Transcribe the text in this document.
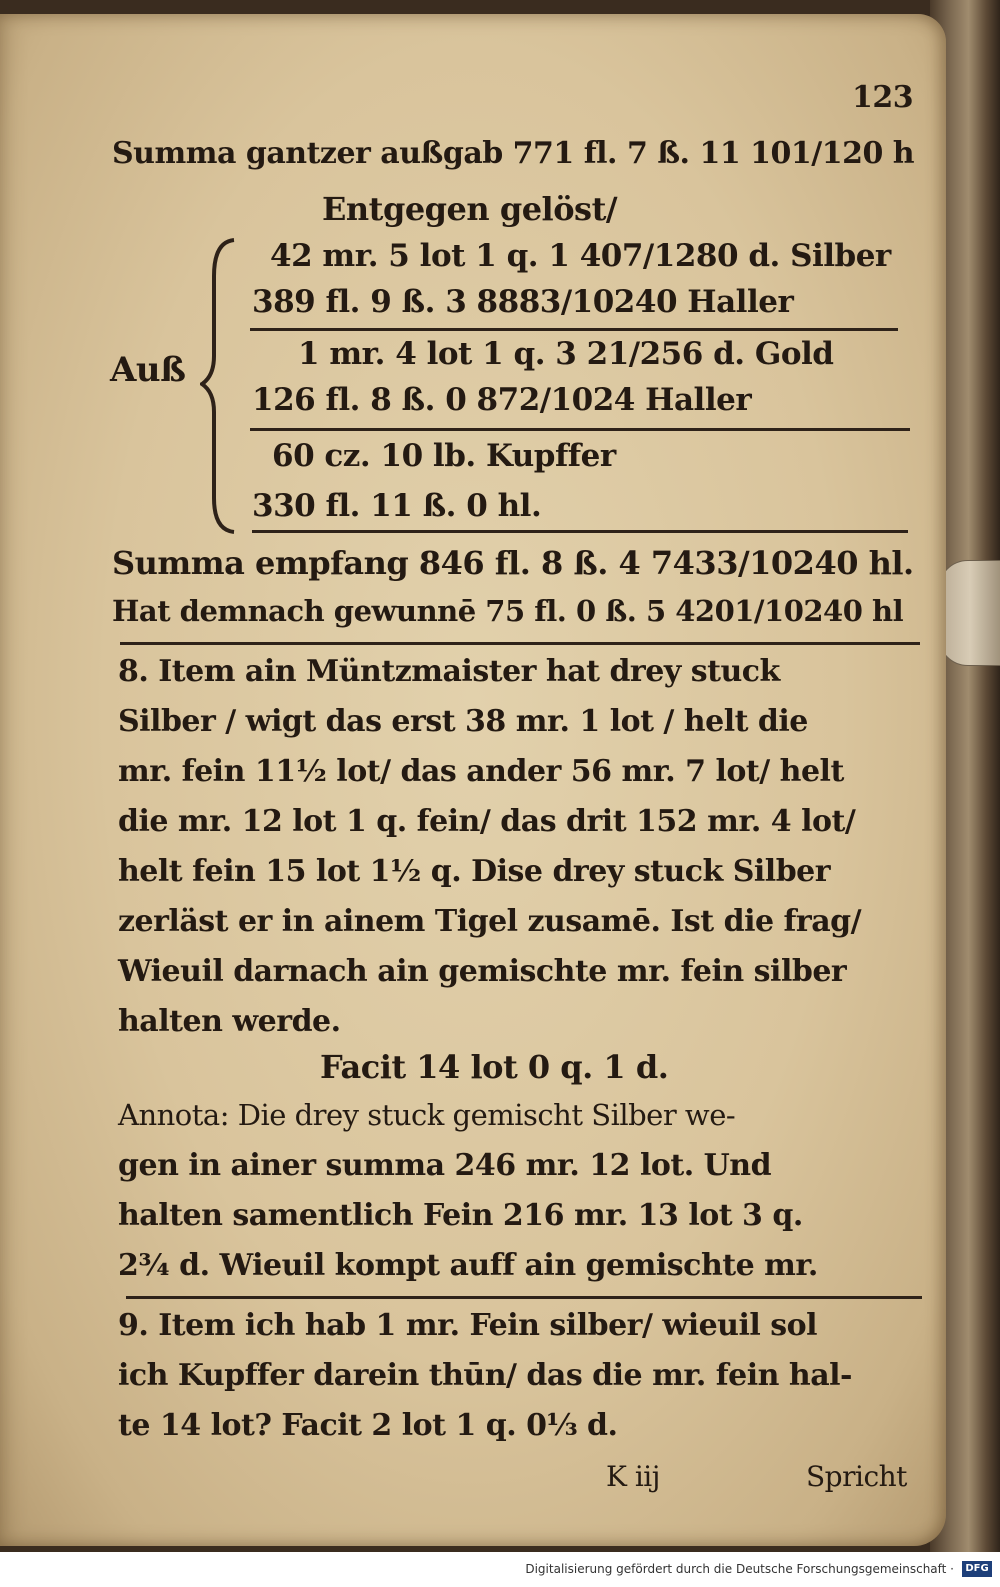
123
Summa gantzer außgab 771 fl. 7 ß. 11 101/120 h
Entgegen gelöst/
Auß
42 mr. 5 lot 1 q. 1 407/1280 d. Silber
389 fl. 9 ß. 3 8883/10240 Haller
1 mr. 4 lot 1 q. 3 21/256 d. Gold
126 fl. 8 ß. 0 872/1024 Haller
60 cz. 10 lb. Kupffer
330 fl. 11 ß. 0 hl.
Summa empfang 846 fl. 8 ß. 4 7433/10240 hl.
Hat demnach gewunnē 75 fl. 0 ß. 5 4201/10240 hl
8. Item ain Müntzmaister hat drey stuck
Silber / wigt das erst 38 mr. 1 lot / helt die
mr. fein 11½ lot/ das ander 56 mr. 7 lot/ helt
die mr. 12 lot 1 q. fein/ das drit 152 mr. 4 lot/
helt fein 15 lot 1½ q. Dise drey stuck Silber
zerläst er in ainem Tigel zusamē. Ist die frag/
Wieuil darnach ain gemischte mr. fein silber
halten werde.
Facit 14 lot 0 q. 1 d.
Annota: Die drey stuck gemischt Silber we-
gen in ainer summa 246 mr. 12 lot. Und
halten samentlich Fein 216 mr. 13 lot 3 q.
2¾ d. Wieuil kompt auff ain gemischte mr.
9. Item ich hab 1 mr. Fein silber/ wieuil sol
ich Kupffer darein thūn/ das die mr. fein hal-
te 14 lot? Facit 2 lot 1 q. 0⅓ d.
K iij	Spricht
Digitalisierung gefördert durch die Deutsche Forschungsgemeinschaft ·	DFG
